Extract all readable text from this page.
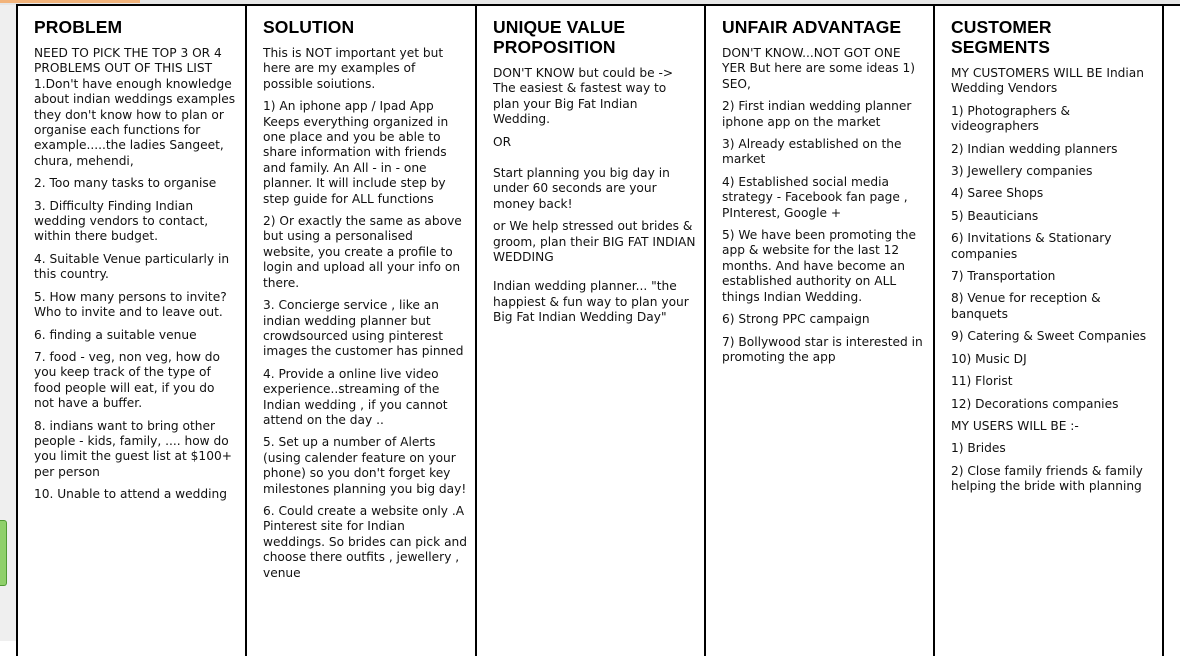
PROBLEM

NEED TO PICK THE TOP 3 OR 4 PROBLEMS OUT OF THIS LIST 1.Don't have enough knowledge about indian weddings examples they don't know how to plan or organise each functions for example.....the ladies Sangeet, chura, mehendi,

2. Too many tasks to organise

3. Difficulty Finding Indian wedding vendors to contact, within there budget.

4. Suitable Venue particularly in this country.

5. How many persons to invite? Who to invite and to leave out.

6. finding a suitable venue

7. food - veg, non veg, how do you keep track of the type of food people will eat, if you do not have a buffer.

8. indians want to bring other people - kids, family, .... how do you limit the guest list at $100+ per person

10. Unable to attend a wedding

SOLUTION

This is NOT important yet but here are my examples of possible soiutions.

1) An iphone app / Ipad App Keeps everything organized in one place and you be able to share information with friends and family. An All - in - one planner. It will include step by step guide for ALL functions

2) Or exactly the same as above but using a personalised website, you create a profile to login and upload all your info on there.

3. Concierge service , like an indian wedding planner but crowdsourced using pinterest images the customer has pinned

4. Provide a online live video experience..streaming of the Indian wedding , if you cannot attend on the day ..

5. Set up a number of Alerts (using calender feature on your phone) so you don't forget key milestones planning you big day!

6. Could create a website only .A Pinterest site for Indian weddings. So brides can pick and choose there outfits , jewellery , venue

UNIQUE VALUE PROPOSITION

DON'T KNOW but could be -> The easiest & fastest way to plan your Big Fat Indian Wedding.

OR

Start planning you big day in under 60 seconds are your money back!

or We help stressed out brides & groom, plan their BIG FAT INDIAN WEDDING

Indian wedding planner... "the happiest & fun way to plan your Big Fat Indian Wedding Day"

UNFAIR ADVANTAGE

DON'T KNOW...NOT GOT ONE YER But here are some ideas 1) SEO,

2) First indian wedding planner iphone app on the market

3) Already established on the market

4) Established social media strategy - Facebook fan page , PInterest, Google +

5) We have been promoting the app & website for the last 12 months. And have become an established authority on ALL things Indian Wedding.

6) Strong PPC campaign

7) Bollywood star is interested in promoting the app

CUSTOMER SEGMENTS

MY CUSTOMERS WILL BE Indian Wedding Vendors

1) Photographers & videographers

2) Indian wedding planners

3) Jewellery companies

4) Saree Shops

5) Beauticians

6) Invitations & Stationary companies

7) Transportation

8) Venue for reception & banquets

9) Catering & Sweet Companies

10) Music DJ

11) Florist

12) Decorations companies

MY USERS WILL BE :-

1) Brides

2) Close family friends & family helping the bride with planning
